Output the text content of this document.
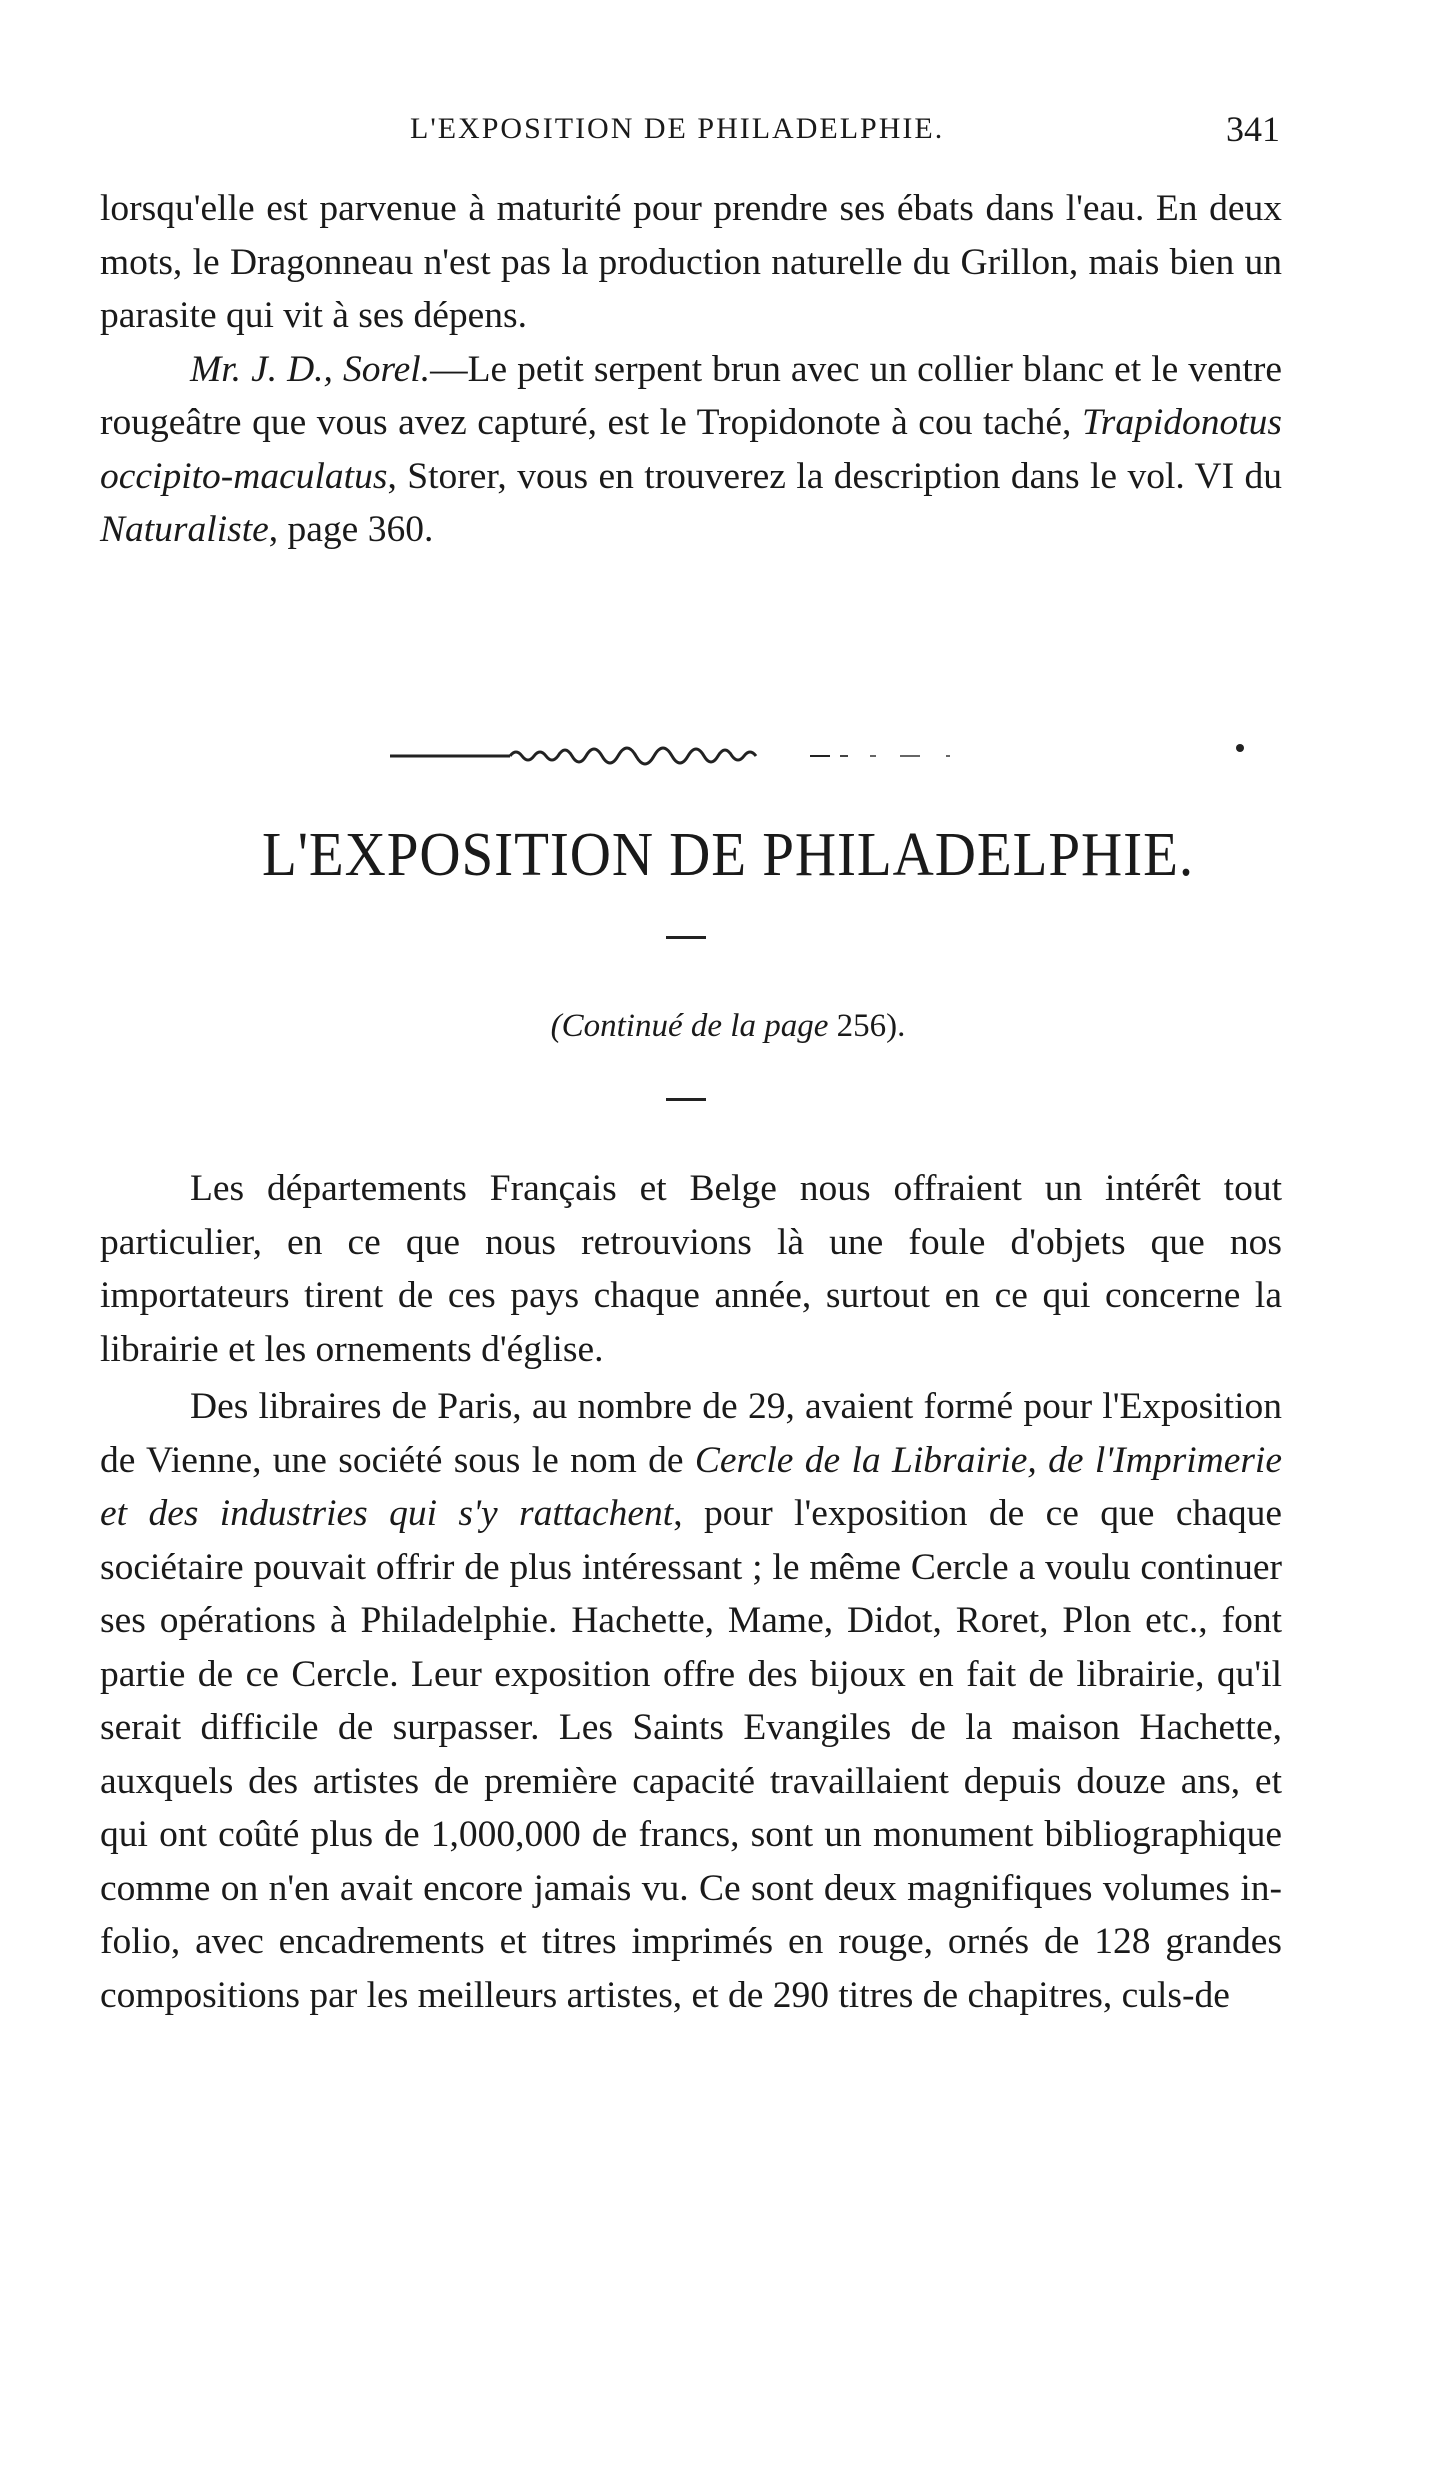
L'EXPOSITION DE PHILADELPHIE.	341

lorsqu'elle est parvenue à maturité pour prendre ses ébats dans l'eau. En deux mots, le Dragonneau n'est pas la production naturelle du Grillon, mais bien un parasite qui vit à ses dépens.

Mr. J. D., Sorel.—Le petit serpent brun avec un collier blanc et le ventre rougeâtre que vous avez capturé, est le Tropidonote à cou taché, Trapidonotus occipito-maculatus, Storer, vous en trouverez la description dans le vol. VI du Naturaliste, page 360.

L'EXPOSITION DE PHILADELPHIE.
(Continué de la page 256).

Les départements Français et Belge nous offraient un intérêt tout particulier, en ce que nous retrouvions là une foule d'objets que nos importateurs tirent de ces pays chaque année, surtout en ce qui concerne la librairie et les ornements d'église.

Des libraires de Paris, au nombre de 29, avaient formé pour l'Exposition de Vienne, une société sous le nom de Cercle de la Librairie, de l'Imprimerie et des industries qui s'y rattachent, pour l'exposition de ce que chaque sociétaire pouvait offrir de plus intéressant ; le même Cercle a voulu continuer ses opérations à Philadelphie. Hachette, Mame, Didot, Roret, Plon etc., font partie de ce Cercle. Leur exposition offre des bijoux en fait de librairie, qu'il serait difficile de surpasser. Les Saints Evangiles de la maison Hachette, auxquels des artistes de première capacité travaillaient depuis douze ans, et qui ont coûté plus de 1,000,000 de francs, sont un monument bibliographique comme on n'en avait encore jamais vu. Ce sont deux magnifiques volumes in-folio, avec encadrements et titres imprimés en rouge, ornés de 128 grandes compositions par les meilleurs artistes, et de 290 titres de chapitres, culs-de
